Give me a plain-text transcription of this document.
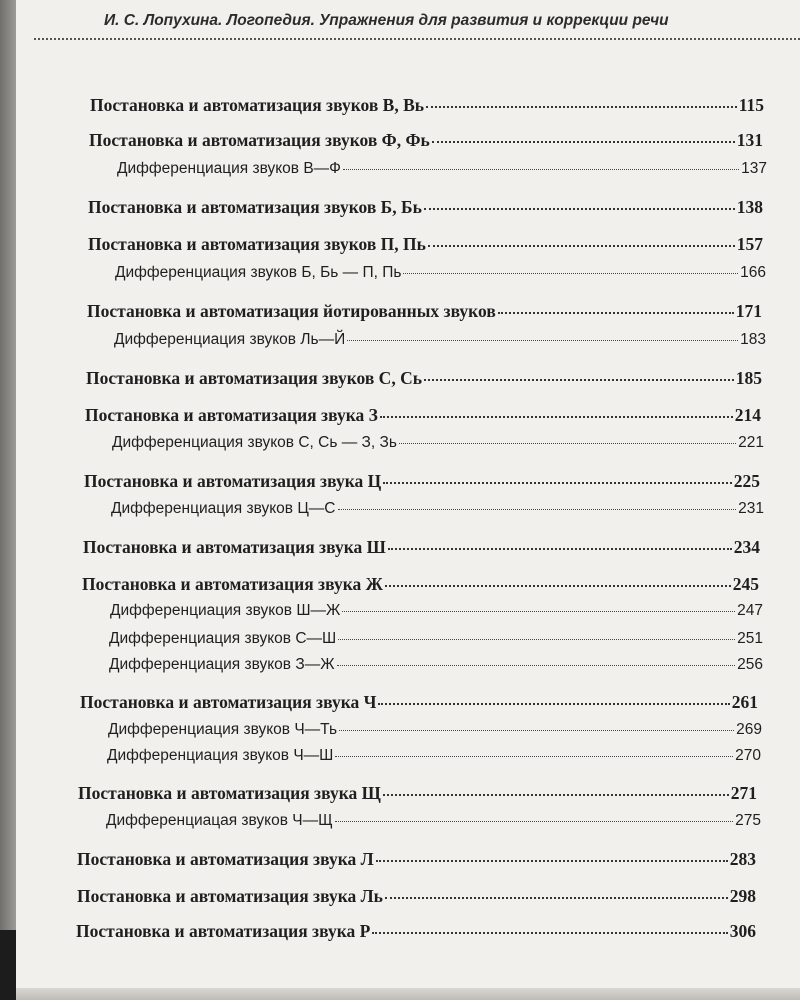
И. С. Лопухина. Логопедия. Упражнения для развития и коррекции речи
Постановка и автоматизация звуков В, Вь	115
Постановка и автоматизация звуков Ф, Фь	131
Дифференциация звуков В—Ф	137
Постановка и автоматизация звуков Б, Бь	138
Постановка и автоматизация звуков П, Пь	157
Дифференциация звуков Б, Бь — П, Пь	166
Постановка и автоматизация йотированных звуков	171
Дифференциация звуков Ль—Й	183
Постановка и автоматизация звуков С, Сь	185
Постановка и автоматизация звука З	214
Дифференциация звуков С, Сь — З, Зь	221
Постановка и автоматизация звука Ц	225
Дифференциация звуков Ц—С	231
Постановка и автоматизация звука Ш	234
Постановка и автоматизация звука Ж	245
Дифференциация звуков Ш—Ж	247
Дифференциация звуков С—Ш	251
Дифференциация звуков З—Ж	256
Постановка и автоматизация звука Ч	261
Дифференциация звуков Ч—Ть	269
Дифференциация звуков Ч—Ш	270
Постановка и автоматизация звука Щ	271
Дифференциацая звуков Ч—Щ	275
Постановка и автоматизация звука Л	283
Постановка и автоматизация звука Ль	298
Постановка и автоматизация звука Р	306
